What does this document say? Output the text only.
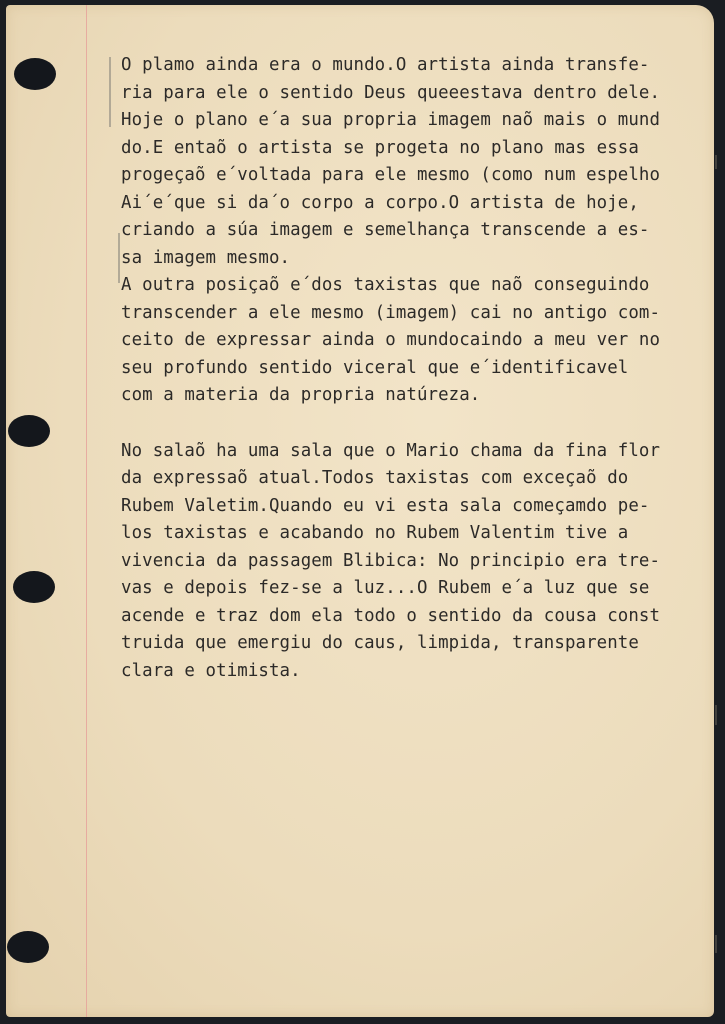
O plamo ainda era o mundo.O artista ainda transfe-
ria para ele o sentido Deus queeestava dentro dele.
Hoje o plano e´a sua propria imagem naõ mais o mund
do.E entaõ o artista se progeta no plano mas essa
progeçaõ e´voltada para ele mesmo (como num espelho
Ai´e´que si da´o corpo a corpo.O artista de hoje,
criando a súa imagem e semelhança transcende a es-
sa imagem mesmo.
A outra posiçaõ e´dos taxistas que naõ conseguindo
transcender a ele mesmo (imagem) cai no antigo com-
ceito de expressar ainda o mundocaindo a meu ver no
seu profundo sentido viceral que e´identificavel
com a materia da propria natúreza.
No salaõ ha uma sala que o Mario chama da fina flor
da expressaõ atual.Todos taxistas com exceçaõ do
Rubem Valetim.Quando eu vi esta sala começamdo pe-
los taxistas e acabando no Rubem Valentim tive a
vivencia da passagem Blibica: No principio era tre-
vas e depois fez-se a luz...O Rubem e´a luz que se
acende e traz dom ela todo o sentido da cousa const
truida que emergiu do caus, limpida, transparente
clara e otimista.
